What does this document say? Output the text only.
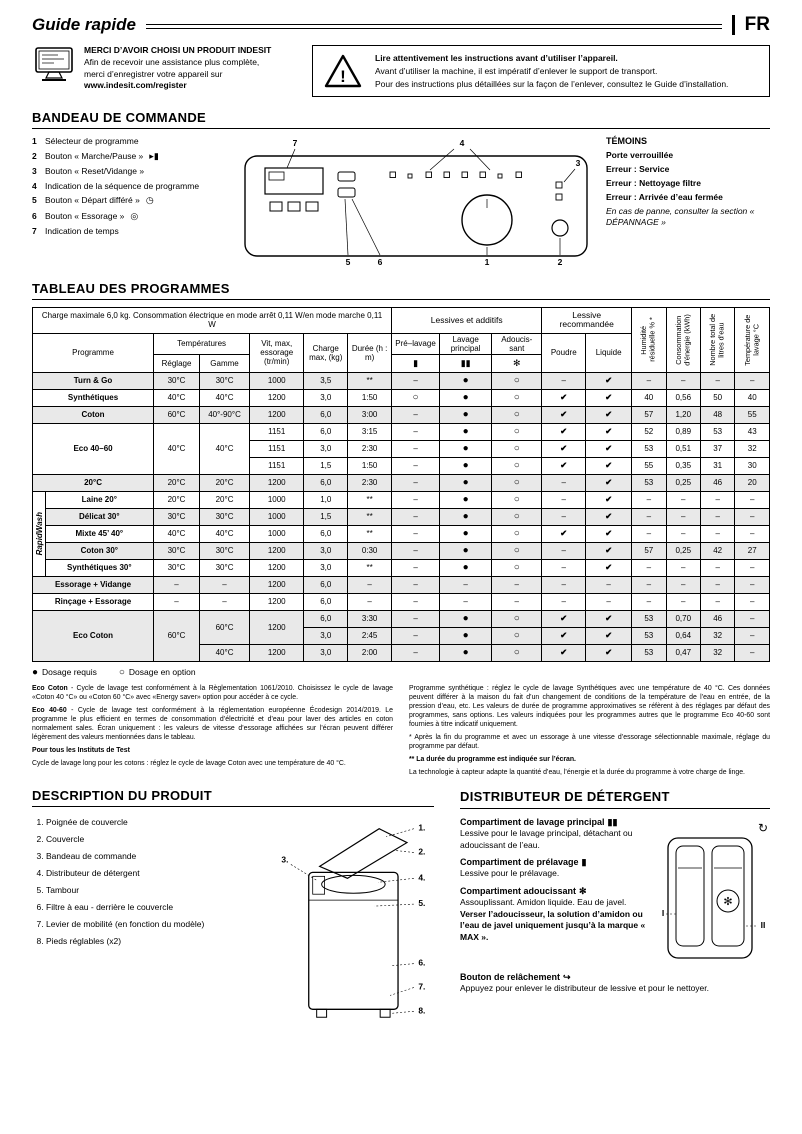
Guide rapide	FR
MERCI D’AVOIR CHOISI UN PRODUIT INDESIT
Afin de recevoir une assistance plus complète,
merci d’enregistrer votre appareil sur
www.indesit.com/register	!
Lire attentivement les instructions avant d’utiliser l’appareil.
Avant d’utiliser la machine, il est impératif d’enlever le support de transport.
Pour des instructions plus détaillées sur la façon de l’enlever, consultez le Guide d’installation.
BANDEAU DE COMMANDE
1 Sélecteur de programme
2 Bouton « Marche/Pause » ▸▮
3 Bouton « Reset/Vidange »
4 Indication de la séquence de programme
5 Bouton « Départ différé » ◷
6 Bouton « Essorage » ◎
7 Indication de temps
7	4
3
5	6	1	2
TÉMOINS
Porte verrouillée
Erreur : Service
Erreur : Nettoyage filtre
Erreur : Arrivée d’eau fermée
En cas de panne, consulter la section « DÉPANNAGE »
TABLEAU DES PROGRAMMES
Charge maximale 6,0 kg. Consommation électrique en mode arrêt 0,11 W/en mode marche 0,11 W							Lessives et additifs			Lessive recommandée		Humidité résiduelle % *	Consommation d’énergie (kWh)	Nombre total de litres d’eau	Température de lavage °C

Programme		Températures		Vit, max, essorage (tr/min)	Charge max, (kg)	Durée (h : m)	Pré–lavage	Lavage principal	Adoucis-sant	Poudre	Liquide				
		Réglage	Gamme				▮	▮▮	✻						
Turn & Go		30°C	30°C	1000	3,5	**	–	●	○	–	✔	–	–	–	–
Synthétiques		40°C	40°C	1200	3,0	1:50	○	●	○	✔	✔	40	0,56	50	40
Coton		60°C	40°-90°C	1200	6,0	3:00	–	●	○	✔	✔	57	1,20	48	55
Eco 40–60		40°C	40°C	1151	6,0	3:15	–	●	○	✔	✔	52	0,89	53	43
				1151	3,0	2:30	–	●	○	✔	✔	53	0,51	37	32
				1151	1,5	1:50	–	●	○	✔	✔	55	0,35	31	30
20°C		20°C	20°C	1200	6,0	2:30	–	●	○	–	✔	53	0,25	46	20

RapidWash	Laine 20°	20°C	20°C	1000	1,0	**	–	●	○	–	✔	–	–	–	–
	Délicat 30°	30°C	30°C	1000	1,5	**	–	●	○	–	✔	–	–	–	–
	Mixte 45’ 40°	40°C	40°C	1000	6,0	**	–	●	○	✔	✔	–	–	–	–
	Coton 30°	30°C	30°C	1200	3,0	0:30	–	●	○	–	✔	57	0,25	42	27
	Synthétiques 30°	30°C	30°C	1200	3,0	**	–	●	○	–	✔	–	–	–	–
Essorage + Vidange		–	–	1200	6,0	–	–	–	–	–	–	–	–	–	–
Rinçage + Essorage		–	–	1200	6,0	–	–	–	–	–	–	–	–	–	–
Eco Coton		60°C	60°C	1200	6,0	3:30	–	●	○	✔	✔	53	0,70	46	–
					3,0	2:45	–	●	○	✔	✔	53	0,64	32	–
			40°C	1200	3,0	2:00	–	●	○	✔	✔	53	0,47	32	–
● Dosage requis ○ Dosage en option

Eco Coton - Cycle de lavage test conformément à la Règlementation 1061/2010. Choisissez le cycle de lavage «Coton 40 °C» ou «Coton 60 °C» avec «Energy saver» option pour accéder à ce cycle.

Eco 40-60 - Cycle de lavage test conformément à la réglementation européenne Écodesign 2014/2019. Le programme le plus efficient en termes de consommation d’électricité et d’eau pour laver des articles en coton normalement sales. Écran uniquement : les valeurs de vitesse d’essorage affichées sur l’écran peuvent différer légèrement des valeurs mentionnées dans le tableau.

Pour tous les Instituts de Test

Cycle de lavage long pour les cotons : réglez le cycle de lavage Coton avec une température de 40 °C.

Programme synthétique : réglez le cycle de lavage Synthétiques avec une température de 40 °C. Ces données peuvent différer à la maison du fait d’un changement de conditions de la température de l’eau en entrée, de la pression d’eau, etc. Les valeurs de durée de programme approximatives se réfèrent à des réglages par défaut des programmes, sans options. Les valeurs indiquées pour les programmes autres que le programme Eco 40-60 sont fournies à titre indicatif uniquement.

* Après la fin du programme et avec un essorage à une vitesse d’essorage sélectionnable maximale, réglage du programme par défaut.

** La durée du programme est indiquée sur l’écran.

La technologie à capteur adapte la quantité d’eau, l’énergie et la durée du programme à votre charge de linge.

DESCRIPTION DU PRODUIT
1. Poignée de couvercle
2. Couvercle
3. Bandeau de commande
4. Distributeur de détergent
5. Tambour
6. Filtre à eau - derrière le couvercle
7. Levier de mobilité (en fonction du modèle)
8. Pieds réglables (x2)
1.
2.
3.
4.
5.
6.
7.
8.
DISTRIBUTEUR DE DÉTERGENT
Compartiment de lavage principal ▮▮
Lessive pour le lavage principal, détachant ou adoucissant de l’eau.
Compartiment de prélavage ▮
Lessive pour le prélavage.
Compartiment adoucissant ✻
Assouplissant. Amidon liquide. Eau de javel.
Verser l’adoucisseur, la solution d’amidon ou l’eau de javel uniquement jusqu’à la marque « MAX ».
↻
✻
I
II
Bouton de relâchement ↪
Appuyez pour enlever le distributeur de lessive et pour le nettoyer.
